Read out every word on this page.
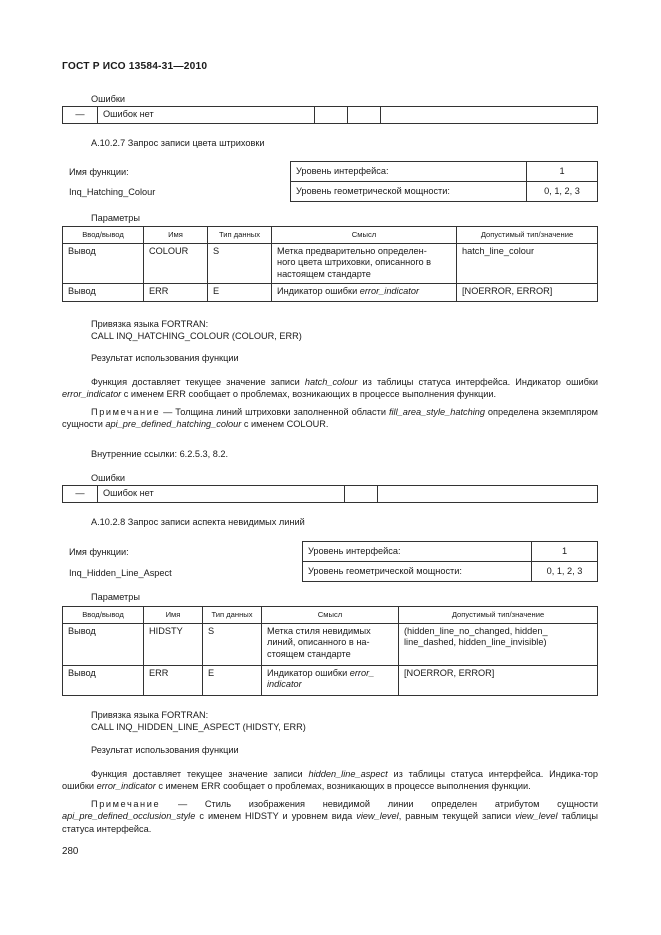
ГОСТ Р ИСО 13584-31—2010
Ошибки
—	Ошибок нет			
A.10.2.7 Запрос записи цвета штриховки
Имя функции:
Inq_Hatching_Colour
Уровень интерфейса:	1
Уровень геометрической мощности:	0, 1, 2, 3
Параметры
Ввод/вывод	Имя	Тип данных	Смысл	Допустимый тип/значение
Вывод	COLOUR	S	Метка предварительно определен-
ного цвета штриховки, описанного в
настоящем стандарте	hatch_line_colour
Вывод	ERR	E	Индикатор ошибки error_indicator	[NOERROR, ERROR]
Привязка языка FORTRAN:
CALL INQ_HATCHING_COLOUR (COLOUR, ERR)
Результат использования функции
Функция доставляет текущее значение записи hatch_colour из таблицы статуса интерфейса. Индикатор ошибки error_indicator с именем ERR сообщает о проблемах, возникающих в процессе выполнения функции.
Примечание — Толщина линий штриховки заполненной области fill_area_style_hatching определена экземпляром сущности api_pre_defined_hatching_colour с именем COLOUR.
Внутренние ссылки: 6.2.5.3, 8.2.
Ошибки
—	Ошибок нет		
A.10.2.8 Запрос записи аспекта невидимых линий
Имя функции:
Inq_Hidden_Line_Aspect
Уровень интерфейса:	1
Уровень геометрической мощности:	0, 1, 2, 3
Параметры
Ввод/вывод	Имя	Тип данных	Смысл	Допустимый тип/значение
Вывод	HIDSTY	S	Метка стиля невидимых
линий, описанного в на-
стоящем стандарте	(hidden_line_no_changed, hidden_
line_dashed, hidden_line_invisible)
Вывод	ERR	E	Индикатор ошибки error_
indicator	[NOERROR, ERROR]
Привязка языка FORTRAN:
CALL INQ_HIDDEN_LINE_ASPECT (HIDSTY, ERR)
Результат использования функции
Функция доставляет текущее значение записи hidden_line_aspect из таблицы статуса интерфейса. Индика-тор ошибки error_indicator с именем ERR сообщает о проблемах, возникающих в процессе выполнения функции.
Примечание — Стиль изображения невидимой линии определен атрибутом сущности api_pre_defined_occlusion_style с именем HIDSTY и уровнем вида view_level, равным текущей записи view_level таблицы статуса интерфейса.
280
